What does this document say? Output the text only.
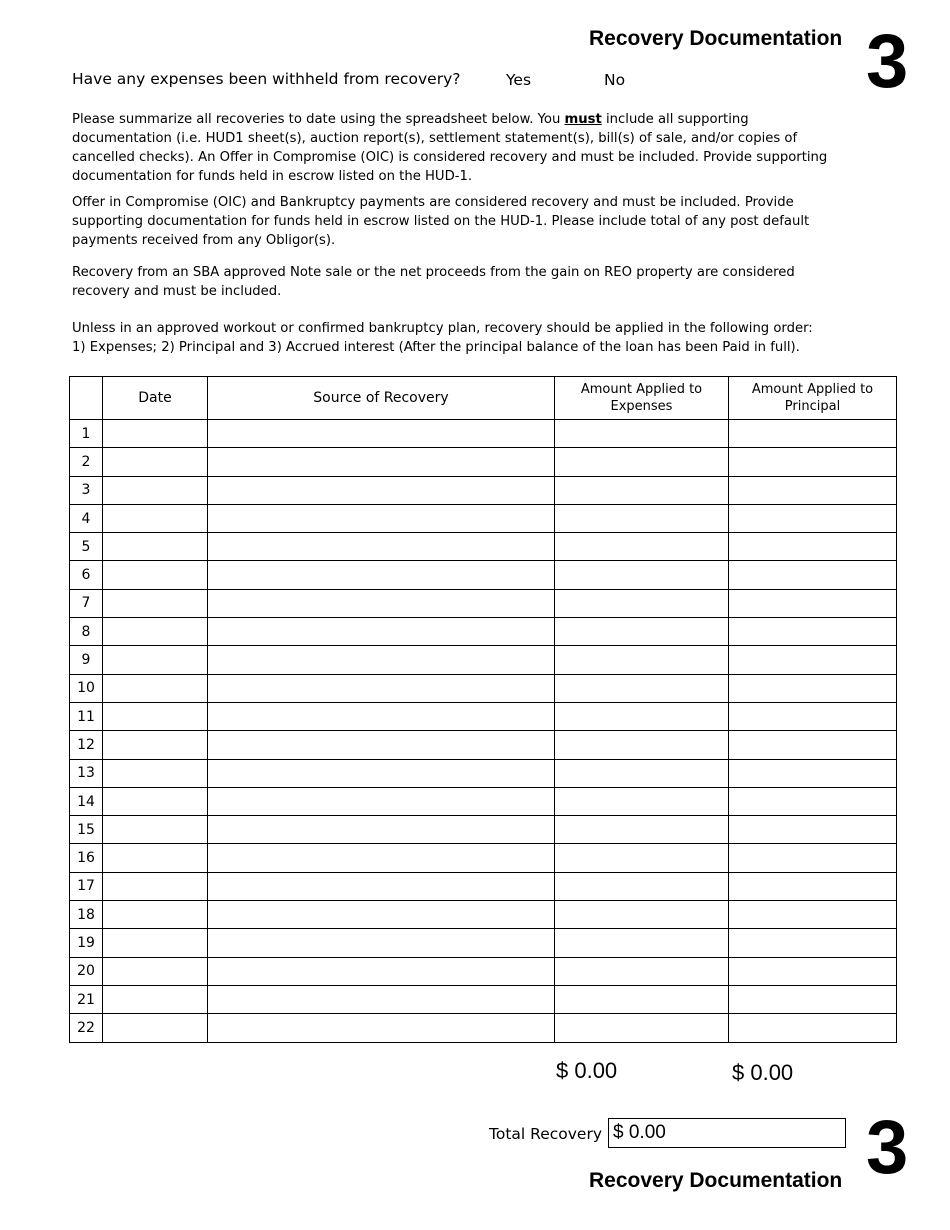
Recovery Documentation 3
Have any expenses been withheld from recovery?	Yes	No

Please summarize all recoveries to date using the spreadsheet below. You must include all supporting documentation (i.e. HUD1 sheet(s), auction report(s), settlement statement(s), bill(s) of sale, and/or copies of cancelled checks). An Offer in Compromise (OIC) is considered recovery and must be included. Provide supporting documentation for funds held in escrow listed on the HUD-1.

Offer in Compromise (OIC) and Bankruptcy payments are considered recovery and must be included. Provide supporting documentation for funds held in escrow listed on the HUD-1. Please include total of any post default payments received from any Obligor(s).

Recovery from an SBA approved Note sale or the net proceeds from the gain on REO property are considered recovery and must be included.

Unless in an approved workout or confirmed bankruptcy plan, recovery should be applied in the following order:

1) Expenses; 2) Principal and 3) Accrued interest (After the principal balance of the loan has been Paid in full).

	Date	Source of Recovery	Amount Applied to Expenses	Amount Applied to Principal
1				
2				
3				
4				
5				
6				
7				
8				
9				
10				
11				
12				
13				
14				
15				
16				
17				
18				
19				
20				
21				
22				
$ 0.00	$ 0.00
Total Recovery $ 0.00
Recovery Documentation 3
